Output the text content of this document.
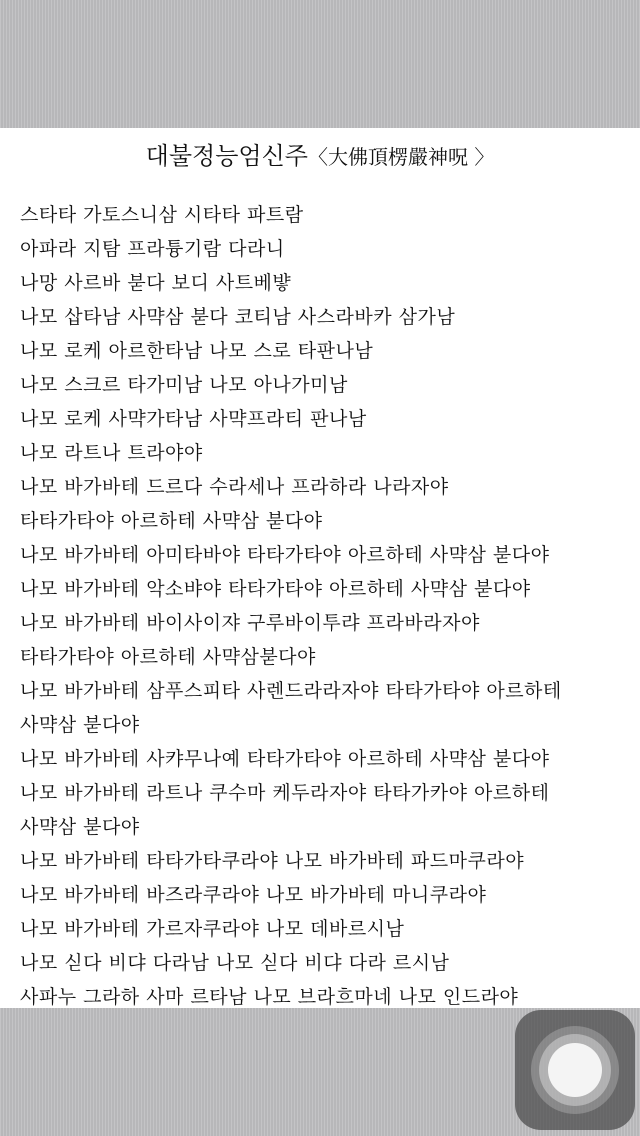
대불정능엄신주〈大佛頂楞嚴神呪 〉
스타타 가토스니삼 시타타 파트람
아파라 지탐 프라튱기람 다라니
나망 사르바 붇다 보디 사트베뱧
나모 삽타남 사먁삼 붇다 코티남 사스라바카 삼가남
나모 로케 아르한타남 나모 스로 타판나남
나모 스크르 타가미남 나모 아나가미남
나모 로케 사먁가타남 사먁프라티 판나남
나모 라트나 트라야야
나모 바가바테 드르다 수라세나 프라하라 나라자야
타타가타야 아르하테 사먁삼 붇다야
나모 바가바테 아미타바야 타타가타야 아르하테 사먁삼 붇다야
나모 바가바테 악소뱌야 타타가타야 아르하테 사먁삼 붇다야
나모 바가바테 바이사이쟈 구루바이투랴 프라바라자야
타타가타야 아르하테 사먁삼붇다야
나모 바가바테 삼푸스피타 사렌드라라자야 타타가타야 아르하테
사먁삼 붇다야
나모 바가바테 사캬무나예 타타가타야 아르하테 사먁삼 붇다야
나모 바가바테 라트나 쿠수마 케두라자야 타타가카야 아르하테
사먁삼 붇다야
나모 바가바테 타타가타쿠라야 나모 바가바테 파드마쿠라야
나모 바가바테 바즈라쿠라야 나모 바가바테 마니쿠라야
나모 바가바테 가르자쿠라야 나모 데바르시남
나모 싣다 비댜 다라남 나모 싣다 비댜 다라 르시남
사파누 그라하 사마 르타남 나모 브라흐마네 나모 인드라야
